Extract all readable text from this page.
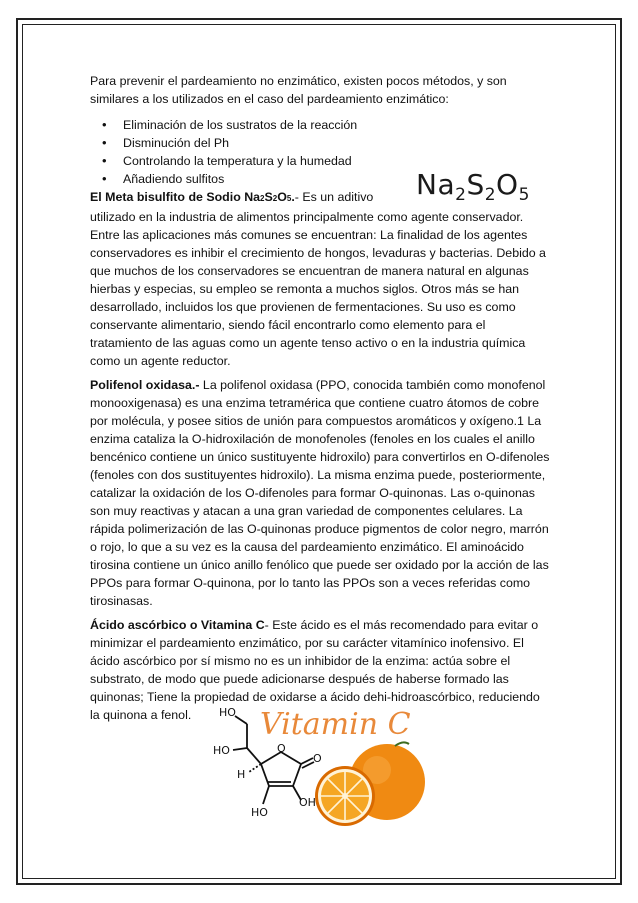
Para prevenir el pardeamiento no enzimático, existen pocos métodos, y son similares a los utilizados en el caso del pardeamiento enzimático:

• Eliminación de los sustratos de la reacción
• Disminución del Ph
• Controlando la temperatura y la humedad
• Añadiendo sulfitos

El Meta bisulfito de Sodio Na2S2O5.- Es un aditivo
utilizado en la industria de alimentos principalmente como agente conservador. Entre las aplicaciones más comunes se encuentran: La finalidad de los agentes conservadores es inhibir el crecimiento de hongos, levaduras y bacterias. Debido a que muchos de los conservadores se encuentran de manera natural en algunas hierbas y especias, su empleo se remonta a muchos siglos. Otros más se han desarrollado, incluidos los que provienen de fermentaciones. Su uso es como conservante alimentario, siendo fácil encontrarlo como elemento para el tratamiento de las aguas como un agente tenso activo o en la industria química como un agente reductor.

Polifenol oxidasa.- La polifenol oxidasa (PPO, conocida también como monofenol monooxigenasa) es una enzima tetramérica que contiene cuatro átomos de cobre por molécula, y posee sitios de unión para compuestos aromáticos y oxígeno.1 La enzima cataliza la O-hidroxilación de monofenoles (fenoles en los cuales el anillo bencénico contiene un único sustituyente hidroxilo) para convertirlos en O-difenoles (fenoles con dos sustituyentes hidroxilo). La misma enzima puede, posteriormente, catalizar la oxidación de los O-difenoles para formar O-quinonas. Las o-quinonas son muy reactivas y atacan a una gran variedad de componentes celulares. La rápida polimerización de las O-quinonas produce pigmentos de color negro, marrón o rojo, lo que a su vez es la causa del pardeamiento enzimático. El aminoácido tirosina contiene un único anillo fenólico que puede ser oxidado por la acción de las PPOs para formar O-quinona, por lo tanto las PPOs son a veces referidas como tirosinasas.

Ácido ascórbico o Vitamina C- Este ácido es el más recomendado para evitar o minimizar el pardeamiento enzimático, por su carácter vitamínico inofensivo. El ácido ascórbico por sí mismo no es un inhibidor de la enzima: actúa sobre el substrato, de modo que puede adicionarse después de haberse formado las quinonas; Tiene la propiedad de oxidarse a ácido dehi-hidroascórbico, reduciendo la quinona a fenol.

$Na_2S_2O_5$
Vitamin C
HO
HO
H
O
O
HO
OH
